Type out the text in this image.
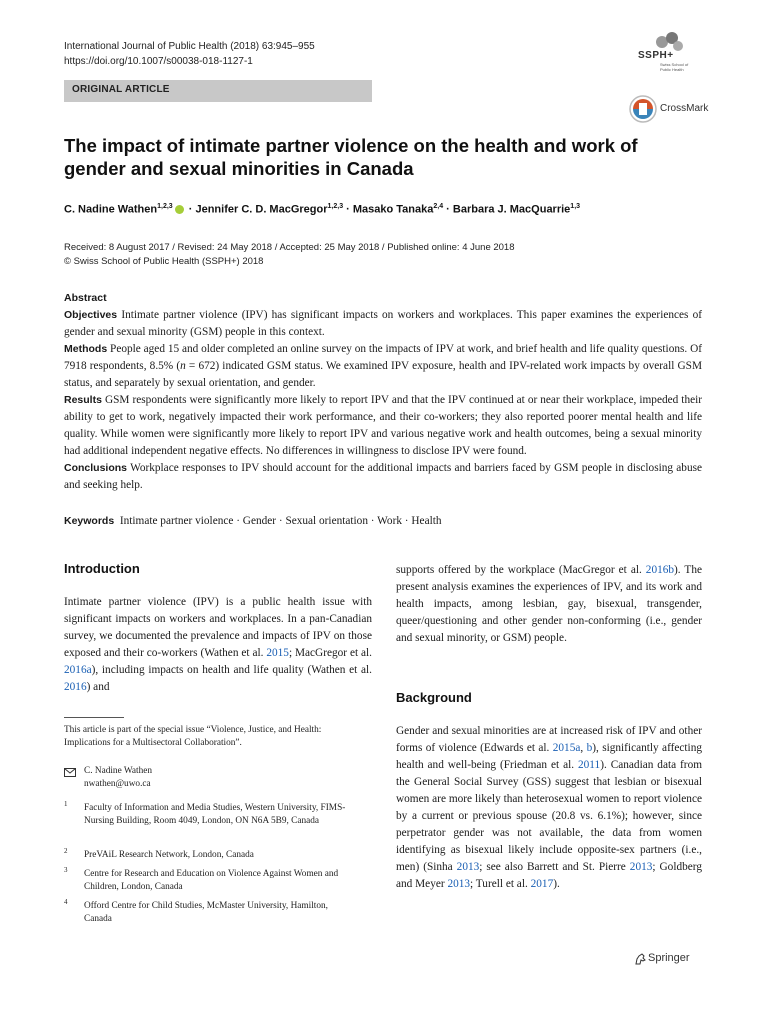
International Journal of Public Health (2018) 63:945–955
https://doi.org/10.1007/s00038-018-1127-1
SSPH+
Swiss School of Public Health
ORIGINAL ARTICLE
CrossMark
The impact of intimate partner violence on the health and work of gender and sexual minorities in Canada
C. Nadine Wathen$^{1,2,3}$ · Jennifer C. D. MacGregor$^{1,2,3}$ · Masako Tanaka$^{2,4}$ · Barbara J. MacQuarrie$^{1,3}$
Received: 8 August 2017 / Revised: 24 May 2018 / Accepted: 25 May 2018 / Published online: 4 June 2018
© Swiss School of Public Health (SSPH+) 2018

Abstract

Objectives Intimate partner violence (IPV) has significant impacts on workers and workplaces. This paper examines the experiences of gender and sexual minority (GSM) people in this context.

Methods People aged 15 and older completed an online survey on the impacts of IPV at work, and brief health and life quality questions. Of 7918 respondents, 8.5% (n = 672) indicated GSM status. We examined IPV exposure, health and IPV-related work impacts by overall GSM status, and separately by sexual orientation, and gender.

Results GSM respondents were significantly more likely to report IPV and that the IPV continued at or near their workplace, impeded their ability to get to work, negatively impacted their work performance, and their co-workers; they also reported poorer mental health and life quality. While women were significantly more likely to report IPV and various negative work and health outcomes, being a sexual minority had additional independent negative effects. No differences in willingness to disclose IPV were found.

Conclusions Workplace responses to IPV should account for the additional impacts and barriers faced by GSM people in disclosing abuse and seeking help.

Keywords Intimate partner violence · Gender · Sexual orientation · Work · Health
Introduction
Intimate partner violence (IPV) is a public health issue with significant impacts on workers and workplaces. In a pan-Canadian survey, we documented the prevalence and impacts of IPV on those exposed and their co-workers (Wathen et al. 2015; MacGregor et al. 2016a), including impacts on health and life quality (Wathen et al. 2016) and
This article is part of the special issue “Violence, Justice, and Health: Implications for a Multisectoral Collaboration”.
C. Nadine Wathen
nwathen@uwo.ca
1 Faculty of Information and Media Studies, Western University, FIMS-Nursing Building, Room 4049, London, ON N6A 5B9, Canada
2 PreVAiL Research Network, London, Canada
3 Centre for Research and Education on Violence Against Women and Children, London, Canada
4 Offord Centre for Child Studies, McMaster University, Hamilton, Canada
supports offered by the workplace (MacGregor et al. 2016b). The present analysis examines the experiences of IPV, and its work and health impacts, among lesbian, gay, bisexual, transgender, queer/questioning and other gender non-conforming (i.e., gender and sexual minority, or GSM) people.
Background
Gender and sexual minorities are at increased risk of IPV and other forms of violence (Edwards et al. 2015a, b), significantly affecting health and well-being (Friedman et al. 2011). Canadian data from the General Social Survey (GSS) suggest that lesbian or bisexual women are more likely than heterosexual women to report violence by a current or previous spouse (20.8 vs. 6.1%); however, since perpetrator gender was not available, the data from women identifying as bisexual likely include opposite-sex partners (i.e., men) (Sinha 2013; see also Barrett and St. Pierre 2013; Goldberg and Meyer 2013; Turell et al. 2017).
Springer
